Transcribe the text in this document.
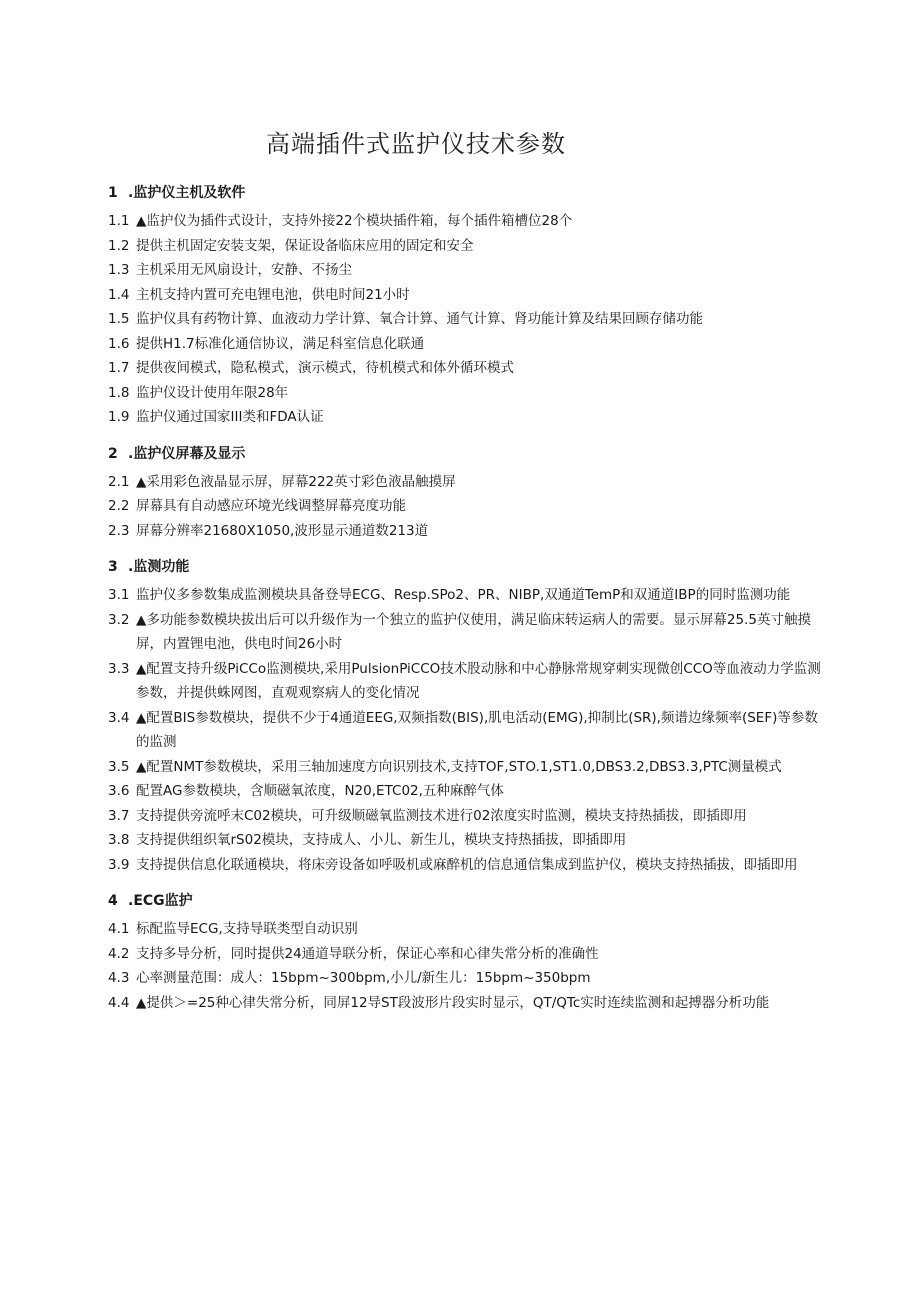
高端插件式监护仪技术参数
1 .监护仪主机及软件
1.1 ▲监护仪为插件式设计，支持外接22个模块插件箱，每个插件箱槽位28个
1.2 提供主机固定安装支架，保证设备临床应用的固定和安全
1.3 主机采用无风扇设计，安静、不扬尘
1.4 主机支持内置可充电锂电池，供电时间21小时
1.5 监护仪具有药物计算、血液动力学计算、氧合计算、通气计算、肾功能计算及结果回顾存储功能
1.6 提供H1.7标准化通信协议，满足科室信息化联通
1.7 提供夜间模式，隐私模式，演示模式，待机模式和体外循环模式
1.8 监护仪设计使用年限28年
1.9 监护仪通过国家III类和FDA认证
2 .监护仪屏幕及显示
2.1 ▲采用彩色液晶显示屏，屏幕222英寸彩色液晶触摸屏
2.2 屏幕具有自动感应环境光线调整屏幕亮度功能
2.3 屏幕分辨率21680X1050,波形显示通道数213道
3 .监测功能
3.1 监护仪多参数集成监测模块具备登导ECG、Resp.SPo2、PR、NIBP,双通道TemP和双通道IBP的同时监测功能
3.2 ▲多功能参数模块拔出后可以升级作为一个独立的监护仪使用，满足临床转运病人的需要。显示屏幕25.5英寸触摸屏，内置锂电池，供电时间26小时
3.3 ▲配置支持升级PiCCo监测模块,采用PulsionPiCCO技术股动脉和中心静脉常规穿刺实现微创CCO等血液动力学监测参数，并提供蛛网图，直观观察病人的变化情况
3.4 ▲配置BIS参数模块，提供不少于4通道EEG,双频指数(BIS),肌电活动(EMG),抑制比(SR),频谱边缘频率(SEF)等参数的监测
3.5 ▲配置NMT参数模块，采用三轴加速度方向识别技术,支持TOF,STO.1,ST1.0,DBS3.2,DBS3.3,PTC测量模式
3.6 配置AG参数模块，含顺磁氧浓度，N20,ETC02,五种麻醉气体
3.7 支持提供旁流呼末C02模块，可升级顺磁氧监测技术进行02浓度实时监测，模块支持热插拔，即插即用
3.8 支持提供组织氧rS02模块，支持成人、小儿、新生儿，模块支持热插拔，即插即用
3.9 支持提供信息化联通模块，将床旁设备如呼吸机或麻醉机的信息通信集成到监护仪，模块支持热插拔，即插即用
4 .ECG监护
4.1 标配监导ECG,支持导联类型自动识别
4.2 支持多导分析，同时提供24通道导联分析，保证心率和心律失常分析的准确性
4.3 心率测量范围：成人：15bpm~300bpm,小儿/新生儿：15bpm~350bpm
4.4 ▲提供＞=25种心律失常分析，同屏12导ST段波形片段实时显示，QT/QTc实时连续监测和起搏器分析功能
